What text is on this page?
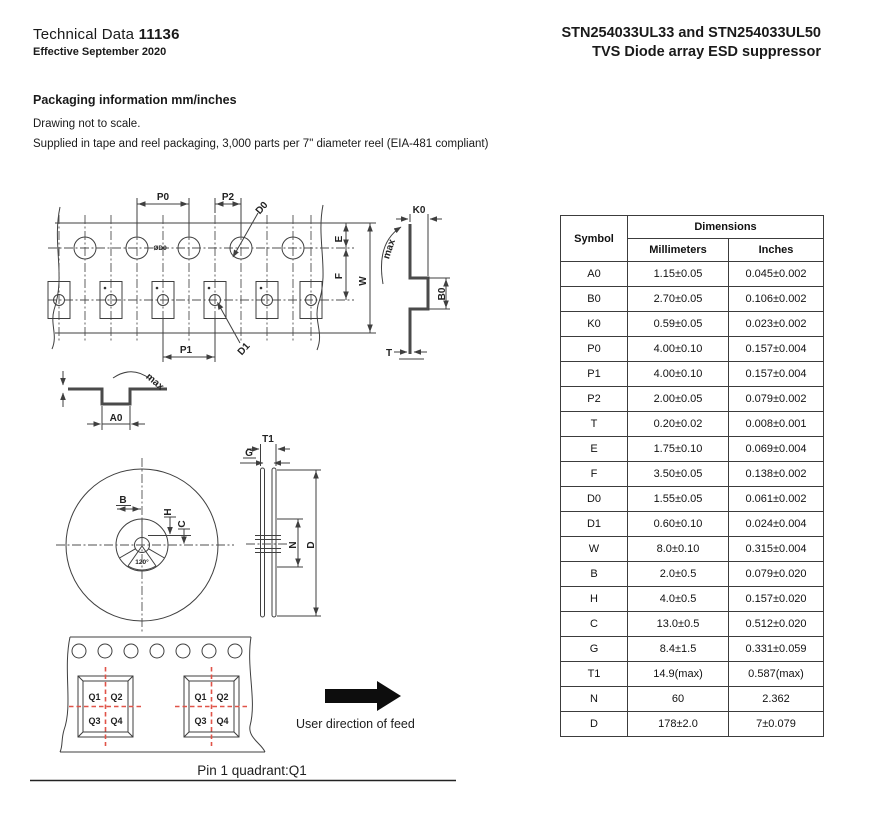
Technical Data 11136
Effective September 2020
STN254033UL33 and STN254033UL50
TVS Diode array ESD suppressor
Packaging information mm/inches
Drawing not to scale.
Supplied in tape and reel packaging, 3,000 parts per 7" diameter reel (EIA-481 compliant)
P0	P2
D0
D1
P1
E
F
W
ØD0
K0
max
B0
T
A0
max
120°
B
H
C
T1
G
D
N
Q1 Q2
Q3 Q4
Q1 Q2
Q3 Q4	User direction of feed
Pin 1 quadrant:Q1
Symbol	Dimensions	
	Millimeters	Inches
A0	1.15±0.05	0.045±0.002
B0	2.70±0.05	0.106±0.002
K0	0.59±0.05	0.023±0.002
P0	4.00±0.10	0.157±0.004
P1	4.00±0.10	0.157±0.004
P2	2.00±0.05	0.079±0.002
T	0.20±0.02	0.008±0.001
E	1.75±0.10	0.069±0.004
F	3.50±0.05	0.138±0.002
D0	1.55±0.05	0.061±0.002
D1	0.60±0.10	0.024±0.004
W	8.0±0.10	0.315±0.004
B	2.0±0.5	0.079±0.020
H	4.0±0.5	0.157±0.020
C	13.0±0.5	0.512±0.020
G	8.4±1.5	0.331±0.059
T1	14.9(max)	0.587(max)
N	60	2.362
D	178±2.0	7±0.079
